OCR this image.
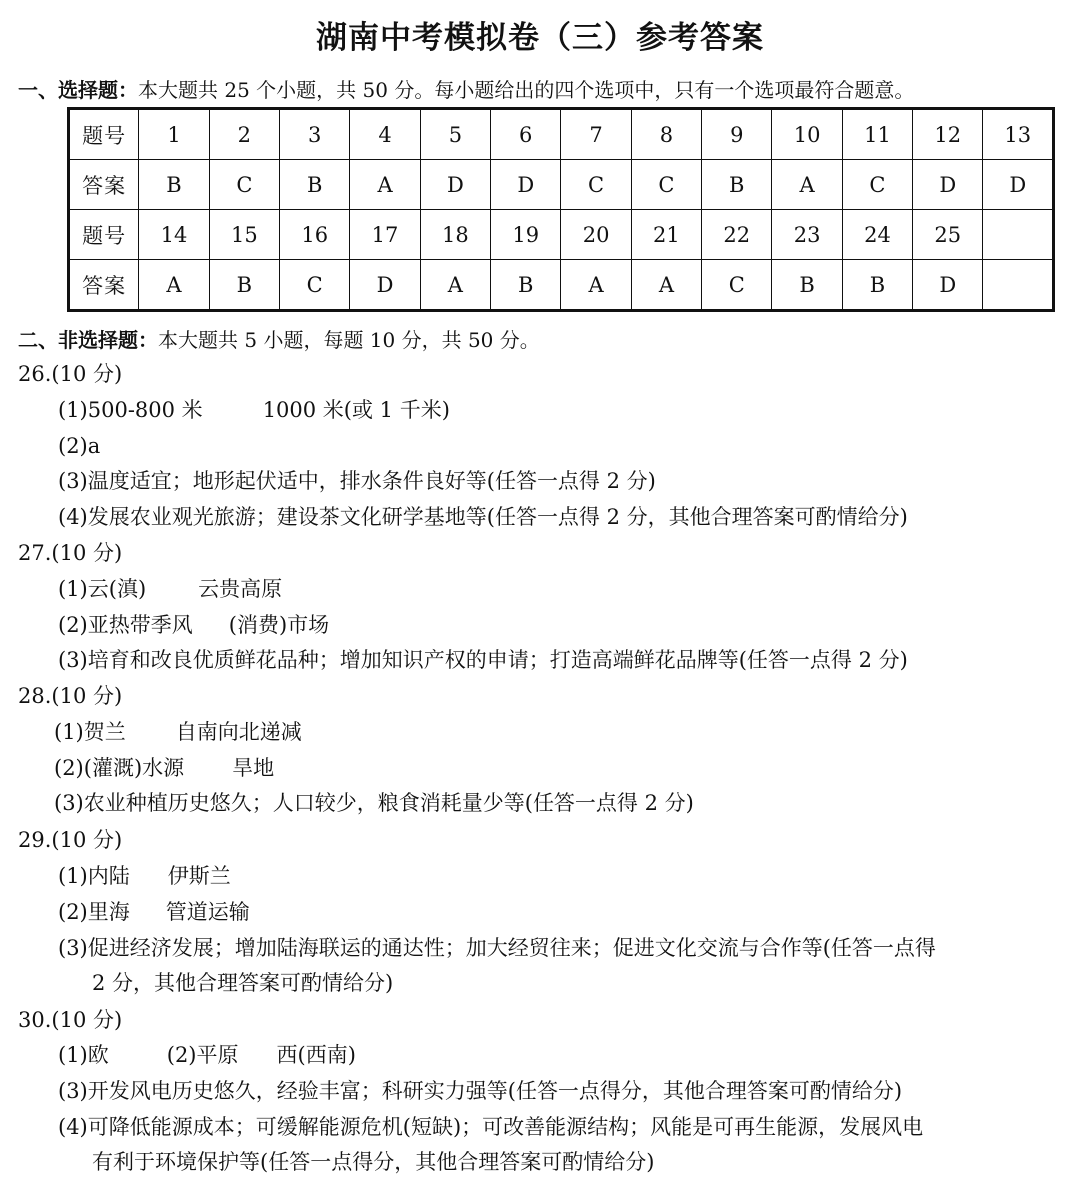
湖南中考模拟卷（三）参考答案
一、选择题：本大题共 25 个小题，共 50 分。每小题给出的四个选项中，只有一个选项最符合题意。
题号	1	2	3	4	5	6	7	8	9	10	11	12	13
答案	B	C	B	A	D	D	C	C	B	A	C	D	D
题号	14	15	16	17	18	19	20	21	22	23	24	25	
答案	A	B	C	D	A	B	A	A	C	B	B	D	
二、非选择题：本大题共 5 小题，每题 10 分，共 50 分。
26.(10 分)
(1)500-800 米	1000 米(或 1 千米)
(2)a
(3)温度适宜；地形起伏适中，排水条件良好等(任答一点得 2 分)
(4)发展农业观光旅游；建设茶文化研学基地等(任答一点得 2 分，其他合理答案可酌情给分)
27.(10 分)
(1)云(滇) 云贵高原
(2)亚热带季风 (消费)市场
(3)培育和改良优质鲜花品种；增加知识产权的申请；打造高端鲜花品牌等(任答一点得 2 分)
28.(10 分)
(1)贺兰 自南向北递减
(2)(灌溉)水源 旱地
(3)农业种植历史悠久；人口较少，粮食消耗量少等(任答一点得 2 分)
29.(10 分)
(1)内陆 伊斯兰
(2)里海 管道运输
(3)促进经济发展；增加陆海联运的通达性；加大经贸往来；促进文化交流与合作等(任答一点得
2 分，其他合理答案可酌情给分)
30.(10 分)
(1)欧	(2)平原 西(西南)
(3)开发风电历史悠久，经验丰富；科研实力强等(任答一点得分，其他合理答案可酌情给分)
(4)可降低能源成本；可缓解能源危机(短缺)；可改善能源结构；风能是可再生能源，发展风电
有利于环境保护等(任答一点得分，其他合理答案可酌情给分)
